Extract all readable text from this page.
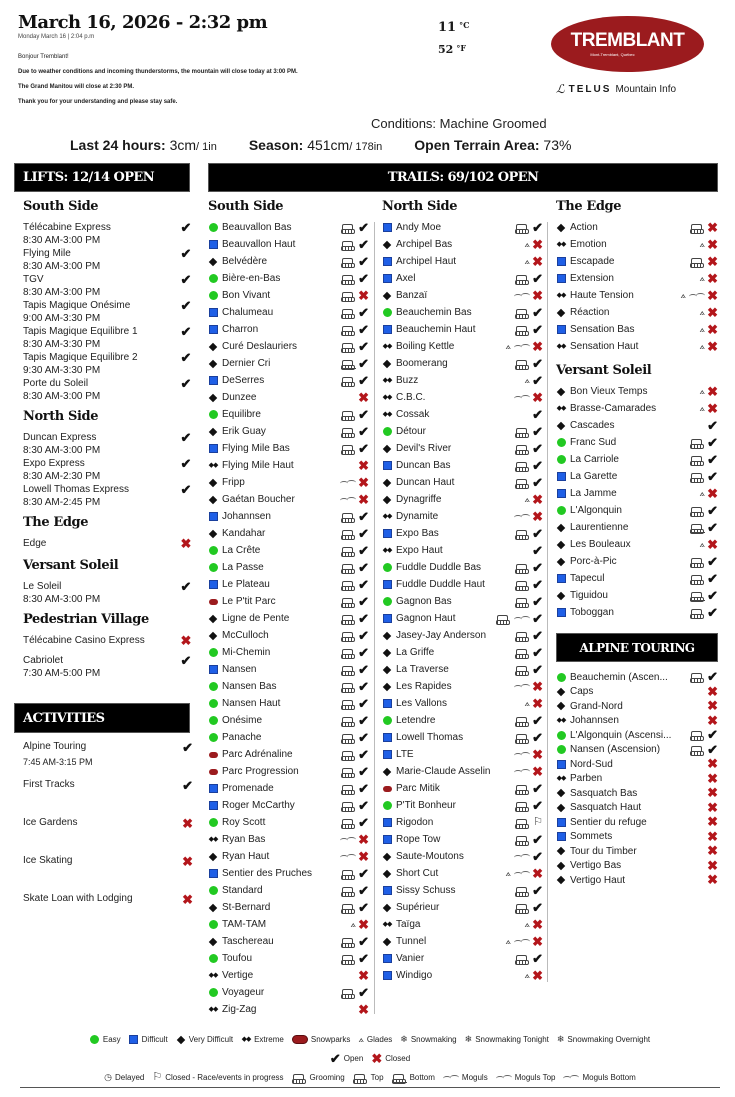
March 16, 2026 - 2:32 pm
Monday March 16 | 2:04 p.m
Bonjour Tremblant!
Due to weather conditions and incoming thunderstorms, the mountain will close today at 3:00 PM.
The Grand Manitou will close at 2:30 PM.
Thank you for your understanding and please stay safe.
11 $^{^\circ C}$
52 $^{^\circ F}$	TREMBLANT
Mont-Tremblant, Québec
ℒ TELUS Mountain Info
Conditions: Machine Groomed
Last 24 hours: 3cm/ 1in Season: 451cm/ 178in Open Terrain Area: 73%
LIFTS: 12/14 OPEN	TRAILS: 69/102 OPEN
ACTIVITIES
ALPINE TOURING
South Side
Télécabine Express
8:30 AM-3:00 PM
✔
Flying Mile
8:30 AM-3:00 PM
✔
TGV
8:30 AM-3:00 PM
✔
Tapis Magique Onésime
9:00 AM-3:30 PM
✔
Tapis Magique Equilibre 1
8:30 AM-3:30 PM
✔
Tapis Magique Equilibre 2
9:30 AM-3:30 PM
✔
Porte du Soleil
8:30 AM-3:00 PM
✔
North Side
Duncan Express
8:30 AM-3:00 PM
✔
Expo Express
8:30 AM-2:30 PM
✔
Lowell Thomas Express
8:30 AM-2:45 PM
✔
The Edge
Edge	✖
Versant Soleil
Le Soleil
8:30 AM-3:00 PM
✔
Pedestrian Village
Télécabine Casino Express	✖
Cabriolet
7:30 AM-5:00 PM
✔
Alpine Touring
7:45 AM-3:15 PM
✔
First Tracks	✔
Ice Gardens	✖
Ice Skating	✖
Skate Loan with Lodging	✖
South Side
Beauvallon Bas	✔
Beauvallon Haut	✔
Belvédère	✔
Bière-en-Bas	✔
Bon Vivant	✖
Chalumeau	✔
Charron	✔
Curé Deslauriers	✔
Dernier Cri	✔
DeSerres	✔
Dunzee	✖
Équilibre	✔
Erik Guay	✔
Flying Mile Bas	✔
◆◆ Flying Mile Haut	✖
Fripp	✖
Gaétan Boucher	✖
Johannsen	✔
Kandahar	✔
La Crête	✔
La Passe	✔
Le Plateau	✔
Le P'tit Parc	✔
Ligne de Pente	✔
McCulloch	✔
Mi-Chemin	✔
Nansen	✔
Nansen Bas	✔
Nansen Haut	✔
Onésime	✔
Panache	✔
Parc Adrénaline	✔
Parc Progression	✔
Promenade	✔
Roger McCarthy	✔
Roy Scott	✔
◆◆ Ryan Bas	✖
Ryan Haut	✖
Sentier des Pruches	✔
Standard	✔
St-Bernard	✔
TAM-TAM	⟑ ✖
Taschereau	✔
Toufou	✔
◆◆ Vertige	✖
Voyageur	✔
◆◆ Zig-Zag	✖
North Side
Andy Moe	✔
Archipel Bas	⟑ ✖
Archipel Haut	⟑ ✖
Axel	✔
Banzaï	✖
Beauchemin Bas	✔
Beauchemin Haut	✔
◆◆ Boiling Kettle	⟑ ✖
Boomerang	✔
◆◆ Buzz	⟑ ✔
◆◆ C.B.C.	✖
◆◆ Cossak	✔
Détour	✔
Devil's River	✔
Duncan Bas	✔
Duncan Haut	✔
Dynagriffe	⟑ ✖
◆◆ Dynamite	✖
Expo Bas	✔
◆◆ Expo Haut	✔
Fuddle Duddle Bas	✔
Fuddle Duddle Haut	✔
Gagnon Bas	✔
Gagnon Haut	✔
Jasey-Jay Anderson	✔
La Griffe	✔
La Traverse	✔
Les Rapides	✖
Les Vallons	⟑ ✖
Letendre	✔
Lowell Thomas	✔
LTE	✖
Marie-Claude Asselin	✖
Parc Mitik	✔
P'Tit Bonheur	✔
Rigodon	⚐
Rope Tow	✔
Saute-Moutons	✔
Short Cut	⟑ ✖
Sissy Schuss	✔
Supérieur	✔
◆◆ Taïga	⟑ ✖
Tunnel	⟑ ✖
Vanier	✔
Windigo	⟑ ✖
The Edge
Action	✖
◆◆ Emotion	⟑ ✖
Escapade	✖
Extension	⟑ ✖
◆◆ Haute Tension	⟑ ✖
Réaction	⟑ ✖
Sensation Bas	⟑ ✖
◆◆ Sensation Haut	⟑ ✖
Versant Soleil
Bon Vieux Temps	⟑ ✖
◆◆ Brasse-Camarades	⟑ ✖
Cascades	✔
Franc Sud	✔
La Carriole	✔
La Garette	✔
La Jamme	⟑ ✖
L'Algonquin	✔
Laurentienne	✔
Les Bouleaux	⟑ ✖
Porc-à-Pic	✔
Tapecul	✔
Tiguidou	✔
Toboggan	✔
Beauchemin (Ascen...	✔
Caps	✖
Grand-Nord	✖
◆◆ Johannsen	✖
L'Algonquin (Ascensi...	✔
Nansen (Ascension)	✔
Nord-Sud	✖
◆◆ Parben	✖
Sasquatch Bas	✖
Sasquatch Haut	✖
Sentier du refuge	✖
Sommets	✖
Tour du Timber	✖
Vertigo Bas	✖
Vertigo Haut	✖
Easy	Difficult	Very Difficult ◆◆ Extreme	Snowparks ⟑ Glades ❄ Snowmaking ❄ Snowmaking Tonight ❄ Snowmaking Overnight
✔ Open ✖ Closed
◷ Delayed ⚐ Closed - Race/events in progress	Grooming	Top	Bottom	Moguls	Moguls Top	Moguls Bottom
